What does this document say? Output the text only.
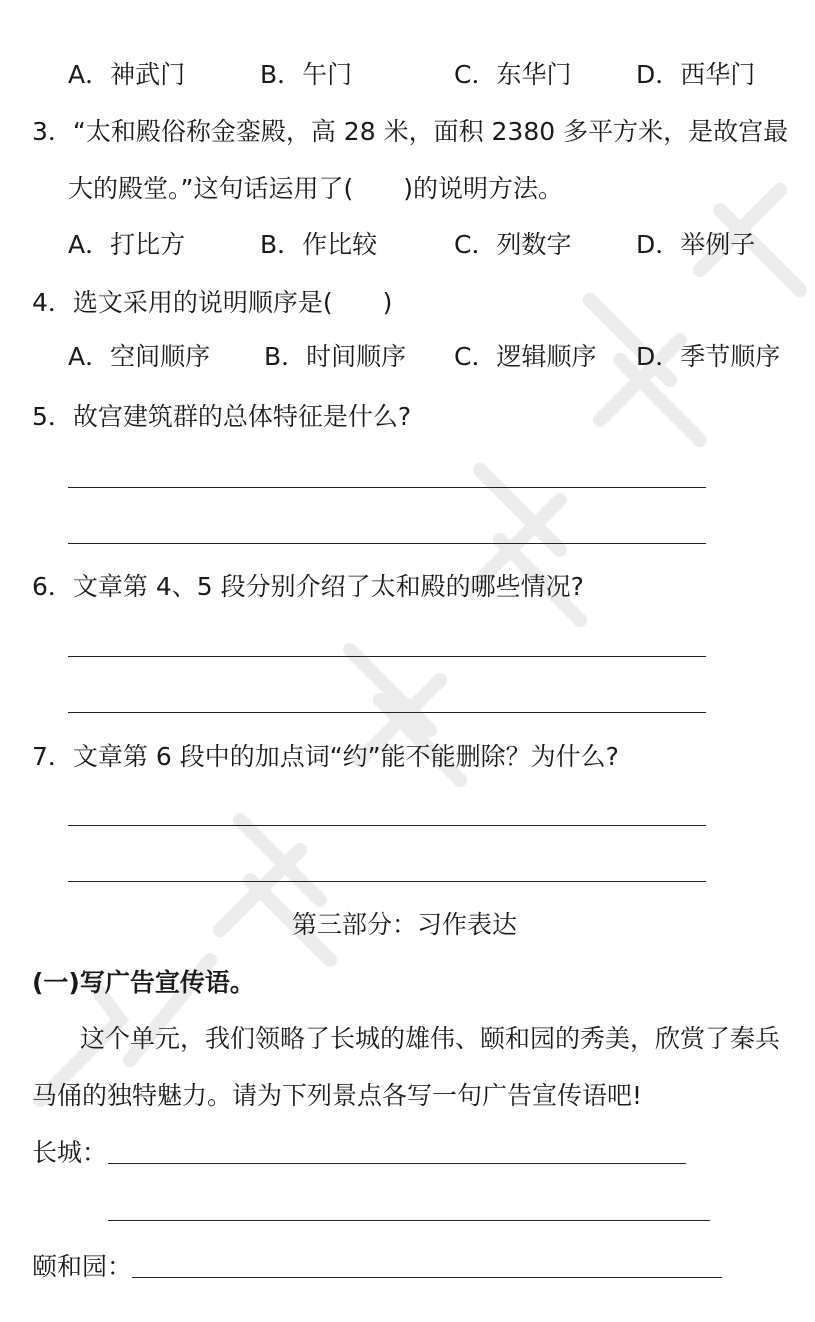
A．神武门	B．午门	C．东华门	D．西华门
3．“太和殿俗称金銮殿，高 28 米，面积 2380 多平方米，是故宫最
大的殿堂。”这句话运用了(　　)的说明方法。
A．打比方	B．作比较	C．列数字	D．举例子
4．选文采用的说明顺序是(　　)
A．空间顺序 B．时间顺序 C．逻辑顺序 D．季节顺序
5．故宫建筑群的总体特征是什么?
6．文章第 4、5 段分别介绍了太和殿的哪些情况?
7．文章第 6 段中的加点词“约”能不能删除？为什么?
第三部分：习作表达
(一)写广告宣传语。
这个单元，我们领略了长城的雄伟、颐和园的秀美，欣赏了秦兵
马俑的独特魅力。请为下列景点各写一句广告宣传语吧!
长城：
颐和园：
